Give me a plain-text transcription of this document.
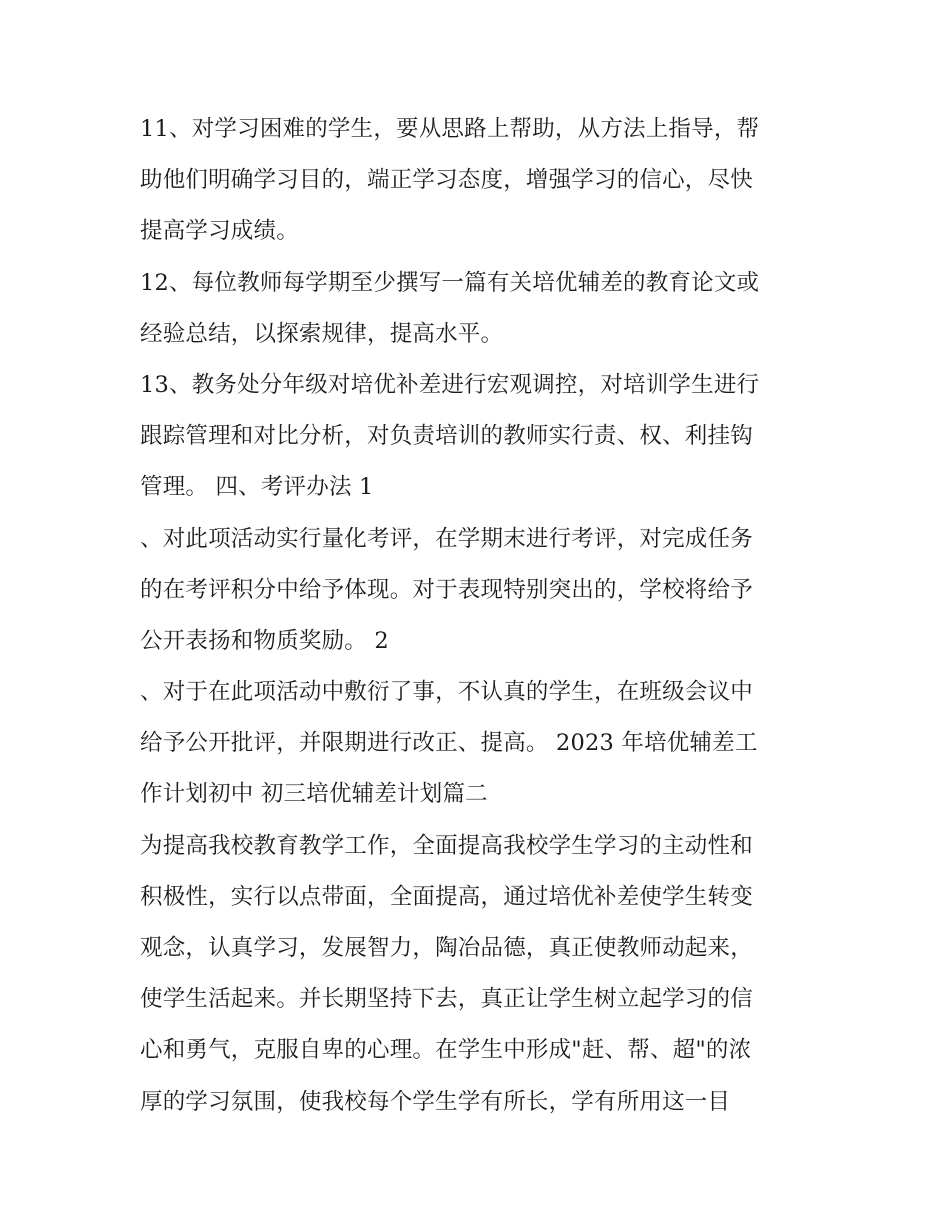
11、对学习困难的学生，要从思路上帮助，从方法上指导，帮
助他们明确学习目的，端正学习态度，增强学习的信心，尽快
提高学习成绩。
12、每位教师每学期至少撰写一篇有关培优辅差的教育论文或
经验总结，以探索规律，提高水平。
13、教务处分年级对培优补差进行宏观调控，对培训学生进行
跟踪管理和对比分析，对负责培训的教师实行责、权、利挂钩
管理。 四、考评办法 1
、对此项活动实行量化考评，在学期末进行考评，对完成任务
的在考评积分中给予体现。对于表现特别突出的，学校将给予
公开表扬和物质奖励。 2
、对于在此项活动中敷衍了事，不认真的学生，在班级会议中
给予公开批评，并限期进行改正、提高。 2023 年培优辅差工
作计划初中 初三培优辅差计划篇二
为提高我校教育教学工作，全面提高我校学生学习的主动性和
积极性，实行以点带面，全面提高，通过培优补差使学生转变
观念，认真学习，发展智力，陶冶品德，真正使教师动起来，
使学生活起来。并长期坚持下去，真正让学生树立起学习的信
心和勇气，克服自卑的心理。在学生中形成"赶、帮、超"的浓
厚的学习氛围，使我校每个学生学有所长，学有所用这一目
